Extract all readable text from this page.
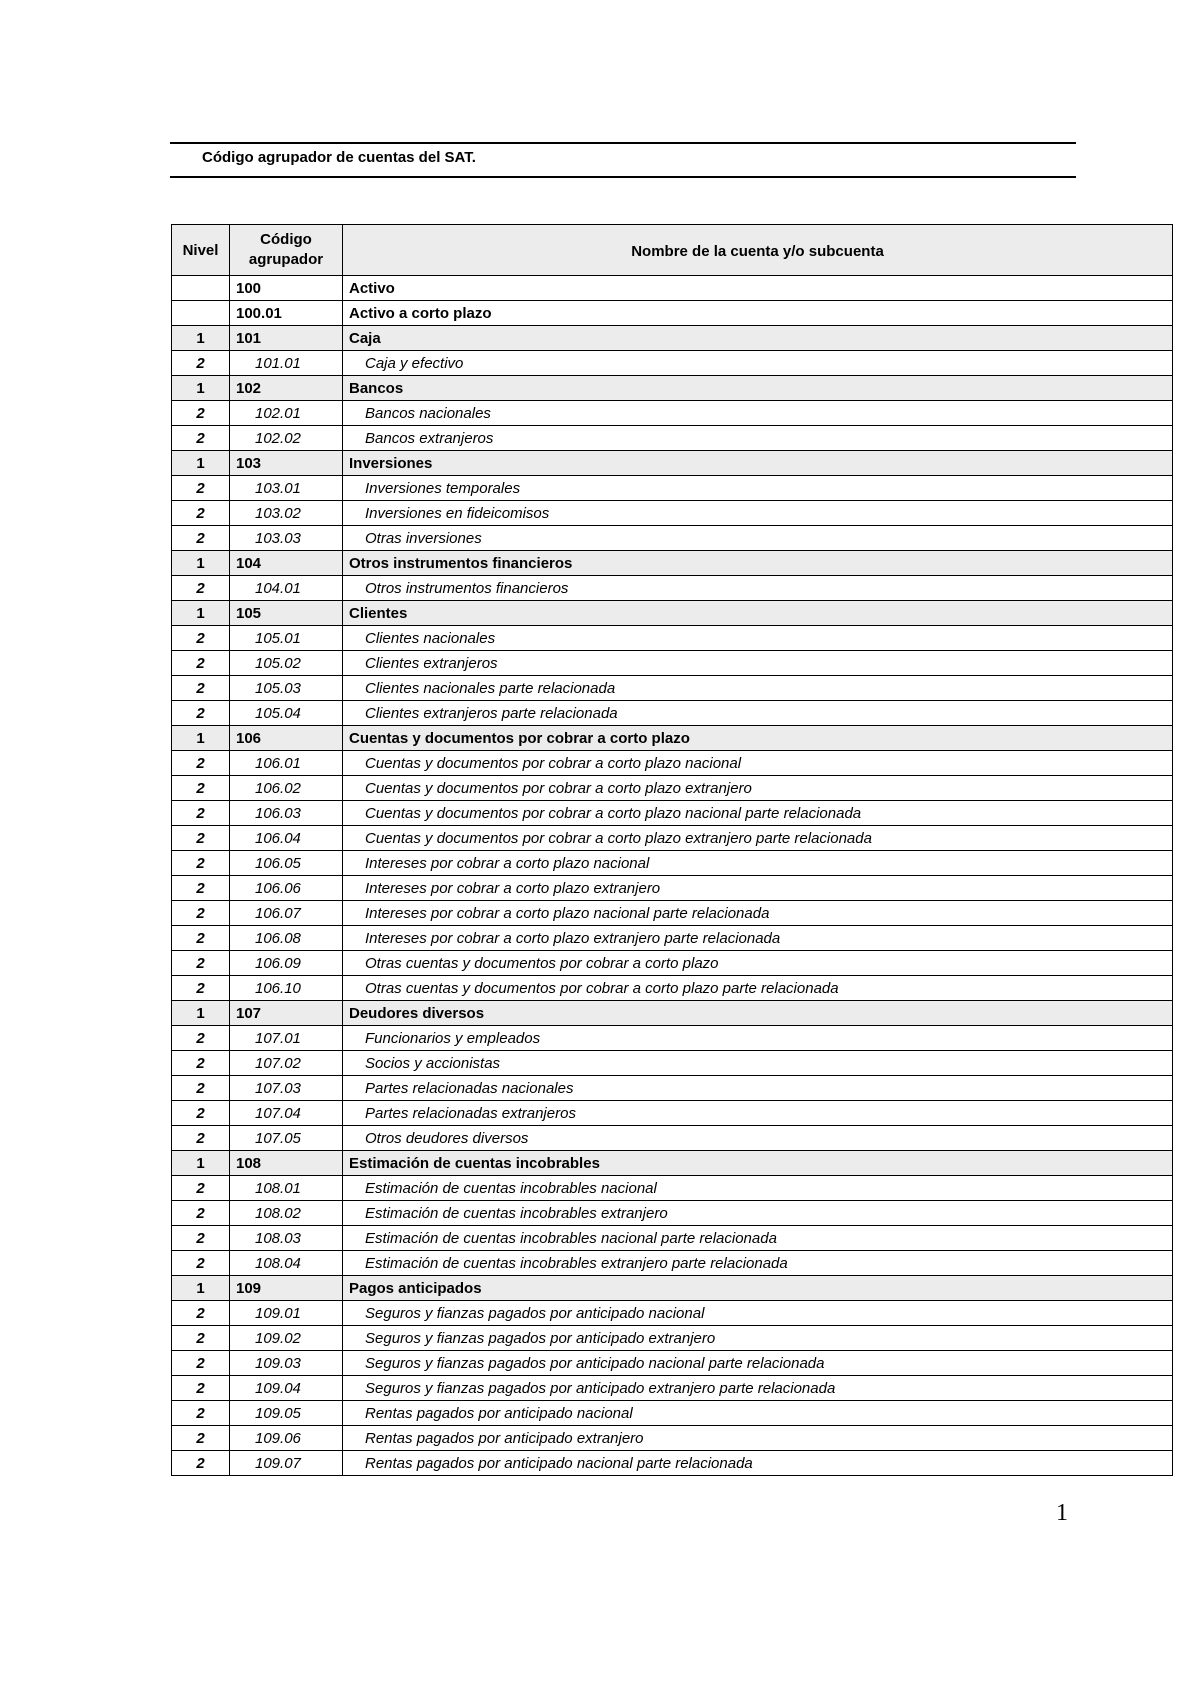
Código agrupador de cuentas del SAT.
Nivel	Código agrupador	Nombre de la cuenta y/o subcuenta
	100	Activo
	100.01	Activo a corto plazo
1	101	Caja
2	101.01	Caja y efectivo
1	102	Bancos
2	102.01	Bancos nacionales
2	102.02	Bancos extranjeros
1	103	Inversiones
2	103.01	Inversiones temporales
2	103.02	Inversiones en fideicomisos
2	103.03	Otras inversiones
1	104	Otros instrumentos financieros
2	104.01	Otros instrumentos financieros
1	105	Clientes
2	105.01	Clientes nacionales
2	105.02	Clientes extranjeros
2	105.03	Clientes nacionales parte relacionada
2	105.04	Clientes extranjeros parte relacionada
1	106	Cuentas y documentos por cobrar a corto plazo
2	106.01	Cuentas y documentos por cobrar a corto plazo nacional
2	106.02	Cuentas y documentos por cobrar a corto plazo extranjero
2	106.03	Cuentas y documentos por cobrar a corto plazo nacional parte relacionada
2	106.04	Cuentas y documentos por cobrar a corto plazo extranjero parte relacionada
2	106.05	Intereses por cobrar a corto plazo nacional
2	106.06	Intereses por cobrar a corto plazo extranjero
2	106.07	Intereses por cobrar a corto plazo nacional parte relacionada
2	106.08	Intereses por cobrar a corto plazo extranjero parte relacionada
2	106.09	Otras cuentas y documentos por cobrar a corto plazo
2	106.10	Otras cuentas y documentos por cobrar a corto plazo parte relacionada
1	107	Deudores diversos
2	107.01	Funcionarios y empleados
2	107.02	Socios y accionistas
2	107.03	Partes relacionadas nacionales
2	107.04	Partes relacionadas extranjeros
2	107.05	Otros deudores diversos
1	108	Estimación de cuentas incobrables
2	108.01	Estimación de cuentas incobrables nacional
2	108.02	Estimación de cuentas incobrables extranjero
2	108.03	Estimación de cuentas incobrables nacional parte relacionada
2	108.04	Estimación de cuentas incobrables extranjero parte relacionada
1	109	Pagos anticipados
2	109.01	Seguros y fianzas pagados por anticipado nacional
2	109.02	Seguros y fianzas pagados por anticipado extranjero
2	109.03	Seguros y fianzas pagados por anticipado nacional parte relacionada
2	109.04	Seguros y fianzas pagados por anticipado extranjero parte relacionada
2	109.05	Rentas pagados por anticipado nacional
2	109.06	Rentas pagados por anticipado extranjero
2	109.07	Rentas pagados por anticipado nacional parte relacionada
1
